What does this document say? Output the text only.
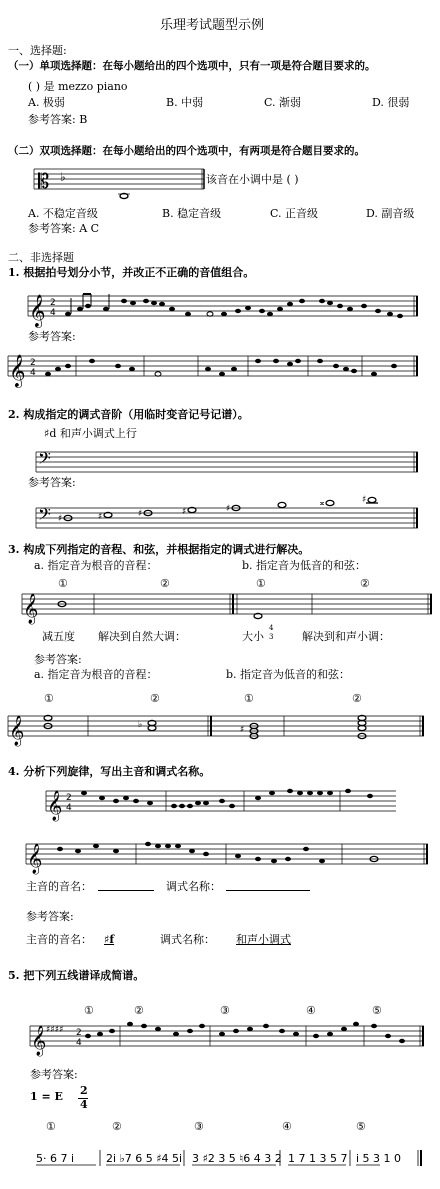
乐理考试题型示例
一、选择题:
（一）单项选择题：在每小题给出的四个选项中，只有一项是符合题目要求的。
( ) 是 mezzo piano
A. 极弱	B. 中弱	C. 渐弱	D. 很弱
参考答案: B
（二）双项选择题：在每小题给出的四个选项中，有两项是符合题目要求的。
𝄡 ♭	该音在小调中是 ( )
A. 不稳定音级	B. 稳定音级	C. 正音级	D. 副音级
参考答案: A C
二、非选择题
1. 根据拍号划分小节，并改正不正确的音值组合。
𝄞 2
4
参考答案:
𝄞 2
4
2. 构成指定的调式音阶（用临时变音记号记谱）。
♯d 和声小调式上行
𝄢
参考答案:
𝄢 ♯	♯	♯	♯	♯
𝄪	♯
3. 构成下列指定的音程、和弦，并根据指定的调式进行解决。
a. 指定音为根音的音程：	b. 指定音为低音的和弦：
①	②	①	②
𝄞
减五度 解决到自然大调：	大小
4
3	解决到和声小调：
参考答案:
a. 指定音为根音的音程：	b. 指定音为低音的和弦：
①	②	①	②
𝄞	♭	♯
4. 分析下列旋律，写出主音和调式名称。
𝄞 2
4
𝄞
主音的音名：	调式名称：
参考答案:
主音的音名： ♯f	调式名称：	和声小调式
5. 把下列五线谱译成简谱。
①	②	③	④	⑤
𝄞 ♯♯♯♯ 2
4
参考答案:
1 = E 2
4
①	②	③	④	⑤
5· 6 7 i	2i ♭7 6 5 ♯4 5i 3 ♯2 3 5 ♮6 4 3 2 1 7 1 3 5 7 i 5 3 1 0
